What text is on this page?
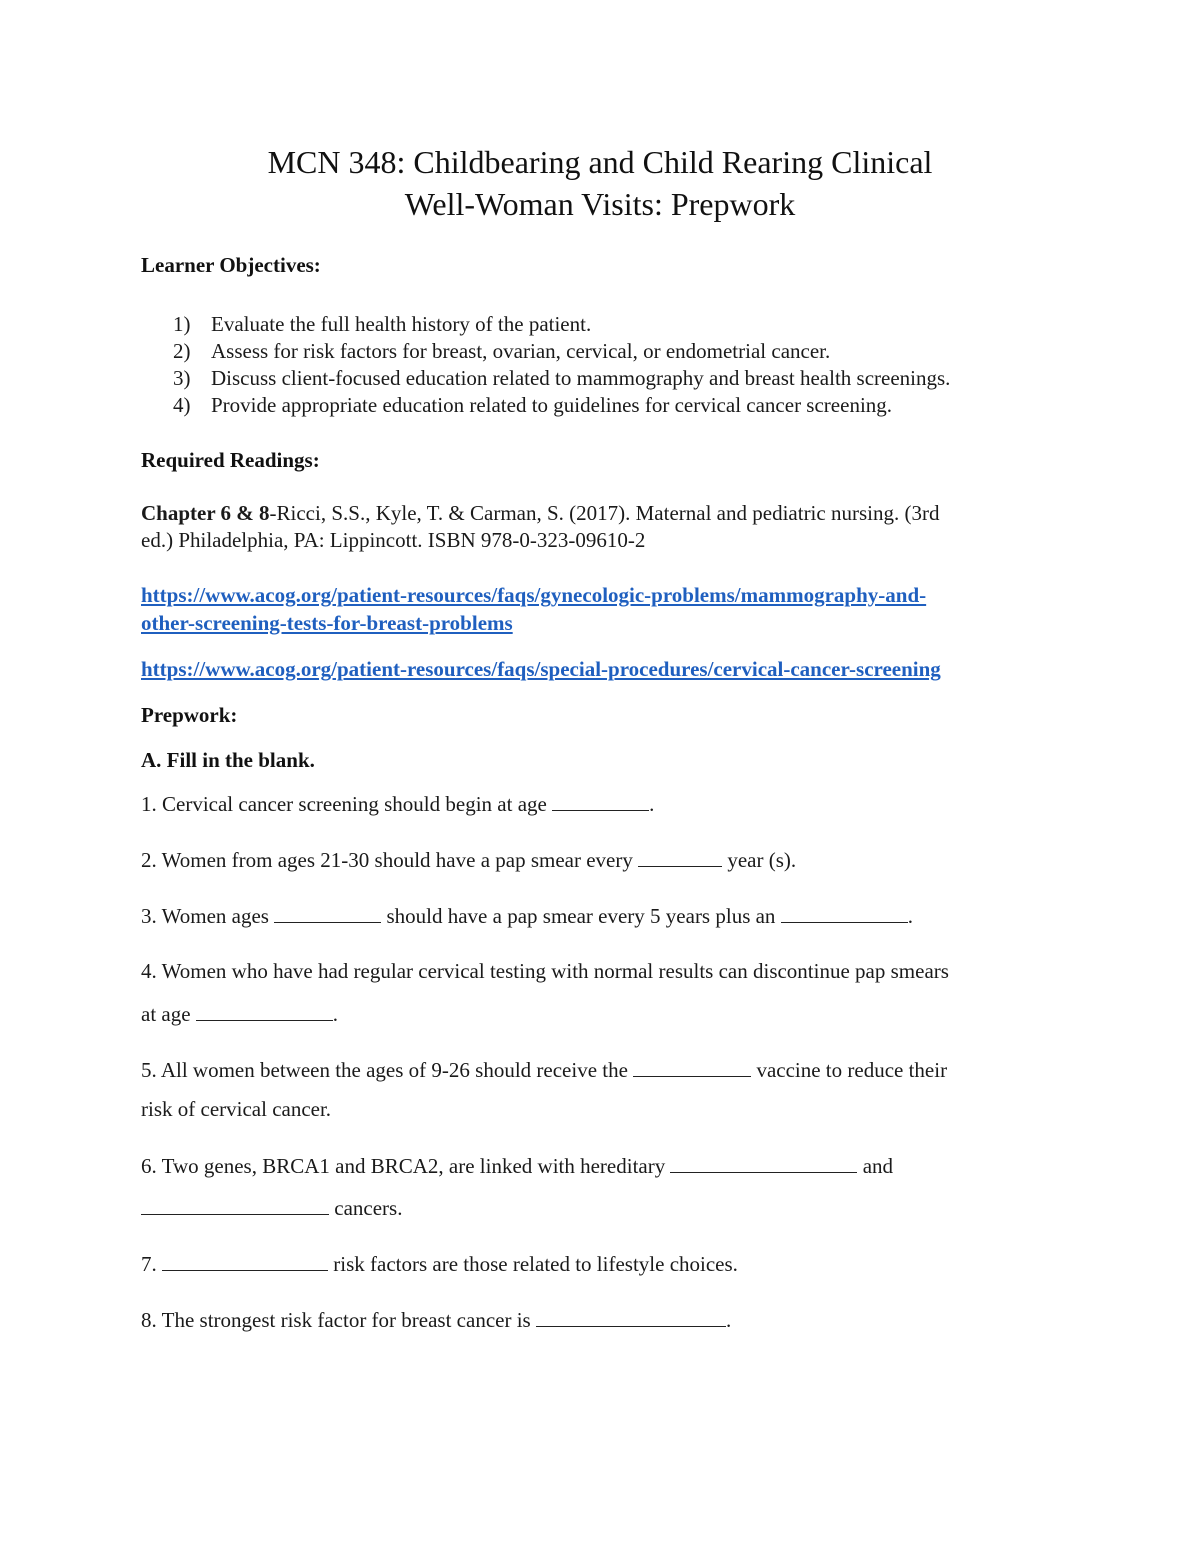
MCN 348: Childbearing and Child Rearing Clinical
Well-Woman Visits: Prepwork
Learner Objectives:
1) Evaluate the full health history of the patient.
2) Assess for risk factors for breast, ovarian, cervical, or endometrial cancer.
3) Discuss client-focused education related to mammography and breast health screenings.
4) Provide appropriate education related to guidelines for cervical cancer screening.
Required Readings:
Chapter 6 & 8-Ricci, S.S., Kyle, T. & Carman, S. (2017). Maternal and pediatric nursing. (3rd
ed.) Philadelphia, PA: Lippincott. ISBN 978-0-323-09610-2
https://www.acog.org/patient-resources/faqs/gynecologic-problems/mammography-and-
other-screening-tests-for-breast-problems
https://www.acog.org/patient-resources/faqs/special-procedures/cervical-cancer-screening
Prepwork:
A. Fill in the blank.
1. Cervical cancer screening should begin at age	.
2. Women from ages 21-30 should have a pap smear every	year (s).
3. Women ages	should have a pap smear every 5 years plus an	.
4. Women who have had regular cervical testing with normal results can discontinue pap smears
at age	.
5. All women between the ages of 9-26 should receive the	vaccine to reduce their
risk of cervical cancer.
6. Two genes, BRCA1 and BRCA2, are linked with hereditary	and
cancers.
7.	risk factors are those related to lifestyle choices.
8. The strongest risk factor for breast cancer is	.
